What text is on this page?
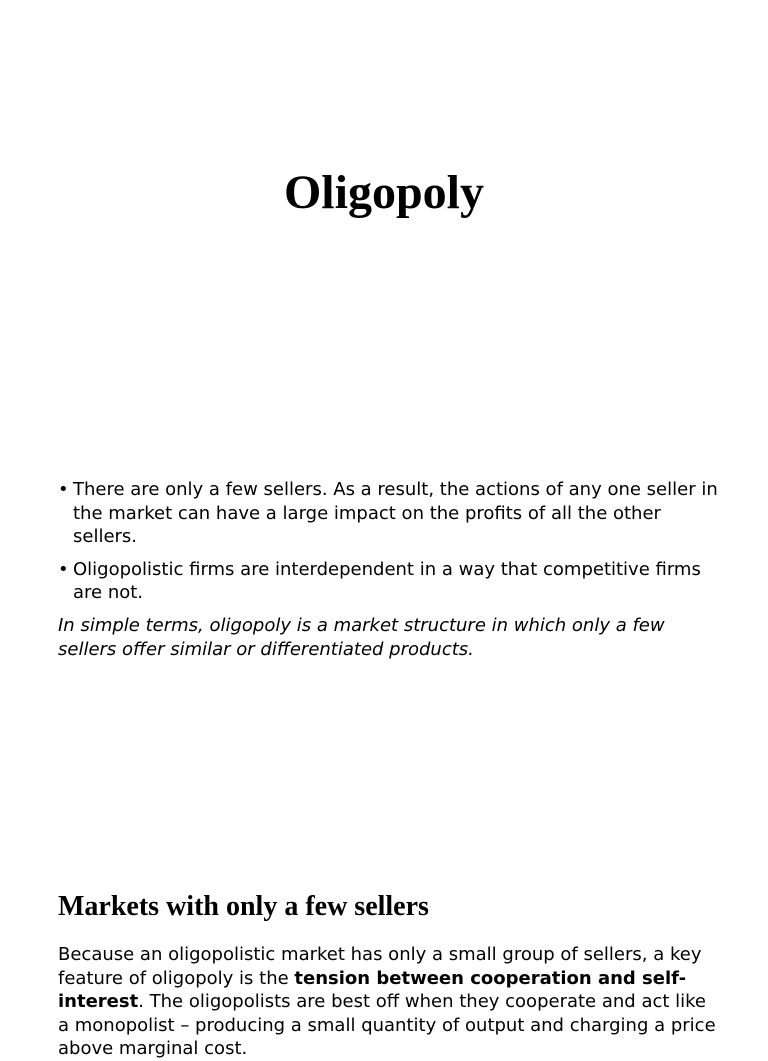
Oligopoly
• There are only a few sellers. As a result, the actions of any one seller in the market can have a large impact on the profits of all the other sellers.
• Oligopolistic firms are interdependent in a way that competitive firms are not.

In simple terms, oligopoly is a market structure in which only a few sellers offer similar or differentiated products.

Markets with only a few sellers

Because an oligopolistic market has only a small group of sellers, a key feature of oligopoly is the tension between cooperation and self-interest. The oligopolists are best off when they cooperate and act like a monopolist – producing a small quantity of output and charging a price above marginal cost.
